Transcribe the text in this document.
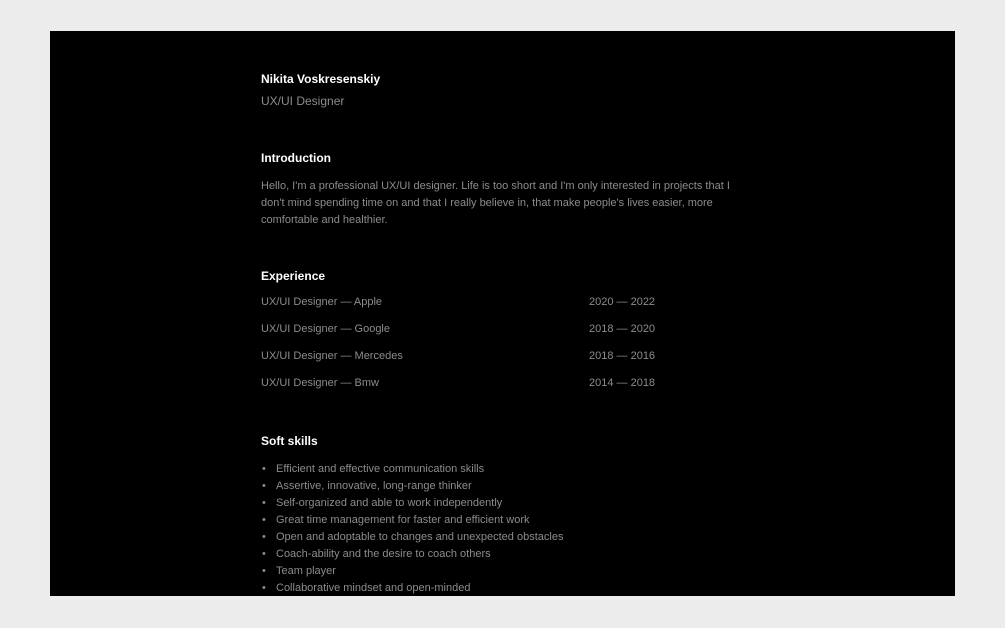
Nikita Voskresenskiy
UX/UI Designer
Introduction
Hello, I'm a professional UX/UI designer. Life is too short and I'm only interested in projects that I don't mind spending time on and that I really believe in, that make people's lives easier, more comfortable and healthier.
Experience
UX/UI Designer — Apple	2020 — 2022
UX/UI Designer — Google	2018 — 2020
UX/UI Designer — Mercedes	2018 — 2016
UX/UI Designer — Bmw	2014 — 2018
Soft skills
• Efficient and effective communication skills
• Assertive, innovative, long-range thinker
• Self-organized and able to work independently
• Great time management for faster and efficient work
• Open and adoptable to changes and unexpected obstacles
• Coach-ability and the desire to coach others
• Team player
• Collaborative mindset and open-minded
